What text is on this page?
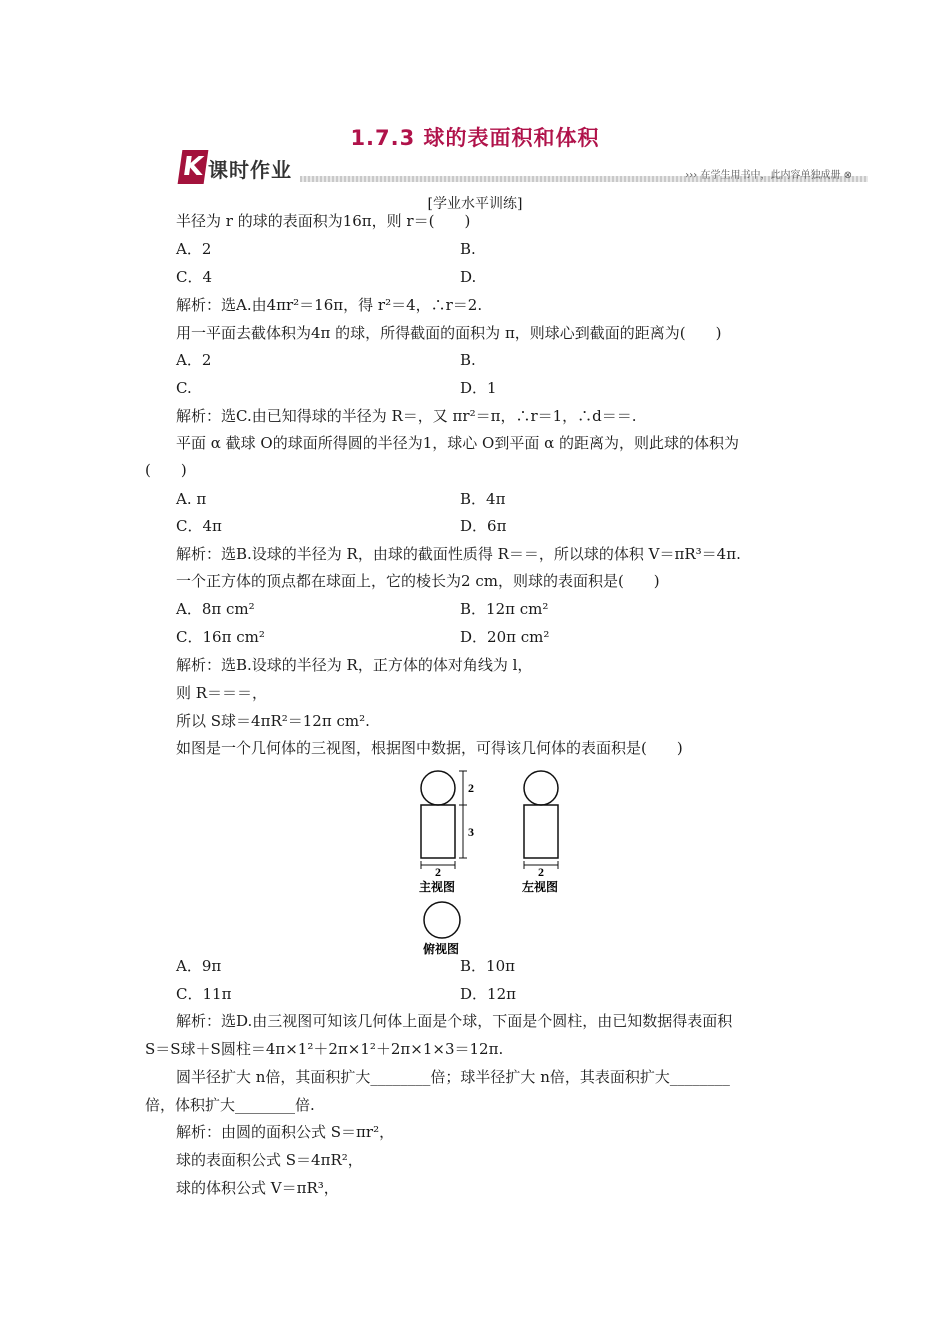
1.7.3 球的表面积和体积
K 课时作业	››› 在学生用书中，此内容单独成册 ⊗
[学业水平训练]
半径为 r 的球的表面积为16π，则 r＝(　　)
A．2	B.
C．4	D.
解析：选A.由4πr²＝16π，得 r²＝4，∴r＝2.
用一平面去截体积为4π 的球，所得截面的面积为 π，则球心到截面的距离为(　　)
A．2	B.
C.	D．1
解析：选C.由已知得球的半径为 R＝，又 πr²＝π，∴r＝1，∴d＝＝.
平面 α 截球 O的球面所得圆的半径为1，球心 O到平面 α 的距离为，则此球的体积为
(　　)
A. π	B．4π
C．4π	D．6π
解析：选B.设球的半径为 R，由球的截面性质得 R＝＝，所以球的体积 V＝πR³＝4π.
一个正方体的顶点都在球面上，它的棱长为2 cm，则球的表面积是(　　)
A．8π cm²	B．12π cm²
C．16π cm²	D．20π cm²
解析：选B.设球的半径为 R，正方体的体对角线为 l，
则 R＝＝＝，
所以 S球＝4πR²＝12π cm².
如图是一个几何体的三视图，根据图中数据，可得该几何体的表面积是(　　)
2
3
2
主视图
2
左视图
俯视图
A．9π	B．10π
C．11π	D．12π
解析：选D.由三视图可知该几何体上面是个球，下面是个圆柱，由已知数据得表面积
S＝S球＋S圆柱＝4π×1²＋2π×1²＋2π×1×3＝12π.
圆半径扩大 n倍，其面积扩大________倍；球半径扩大 n倍，其表面积扩大________
倍，体积扩大________倍.
解析：由圆的面积公式 S＝πr²，
球的表面积公式 S＝4πR²，
球的体积公式 V＝πR³，
